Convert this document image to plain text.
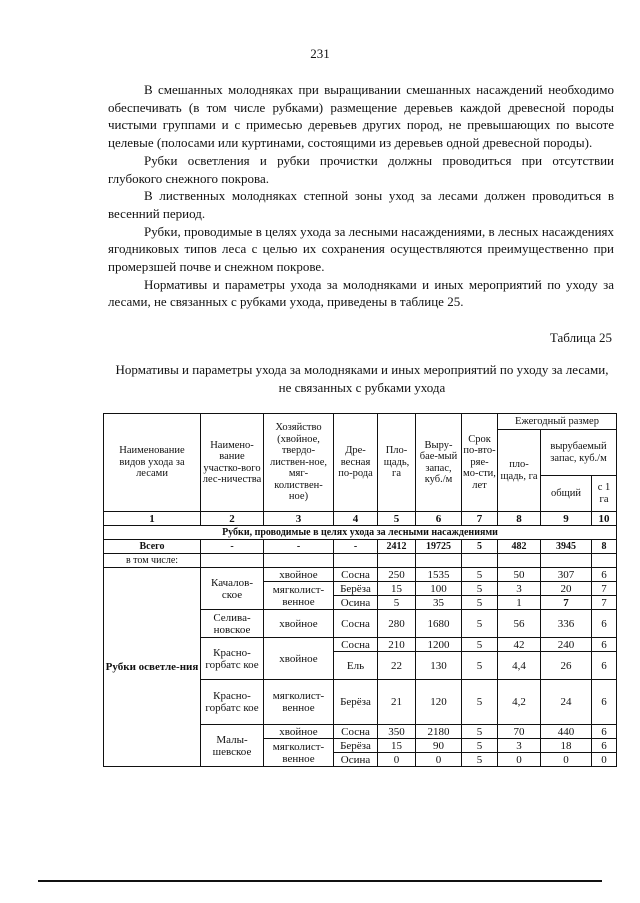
231

В смешанных молодняках при выращивании смешанных насаждений необходимо обеспечивать (в том числе рубками) размещение деревьев каждой древесной породы чистыми группами и с примесью деревьев других пород, не превышающих по высоте целевые (полосами или куртинами, состоящими из деревьев одной древесной породы).

Рубки осветления и рубки прочистки должны проводиться при отсутствии глубокого снежного покрова.

В лиственных молодняках степной зоны уход за лесами должен проводиться в весенний период.

Рубки, проводимые в целях ухода за лесными насаждениями, в лесных насаждениях ягодниковых типов леса с целью их сохранения осуществляются преимущественно при промерзшей почве и снежном покрове.

Нормативы и параметры ухода за молодняками и иных мероприятий по уходу за лесами, не связанных с рубками ухода, приведены в таблице 25.

Таблица 25
Нормативы и параметры ухода за молодняками и иных мероприятий по уходу за лесами, не связанных с рубками ухода
Наименование видов ухода за лесами	Наимено-вание участко-вого лес-ничества	Хозяйство (хвойное, твердо-листвен-ное, мяг-колиствен-ное)	Дре-весная по-рода	Пло-щадь, га	Выру-бае-мый запас, куб./м	Срок по-вто-ряе-мо-сти, лет	Ежегодный размер		
							пло-щадь, га	вырубаемый запас, куб./м	
								общий	с 1 га
1	2	3	4	5	6	7	8	9	10
Рубки, проводимые в целях ухода за лесными насаждениями									
Всего	-	-	-	2412	19725	5	482	3945	8
в том числе:									
Рубки осветле-ния	Качалов-ское	хвойное	Сосна	250	1535	5	50	307	6
		мягколист-венное	Берёза	15	100	5	3	20	7
			Осина	5	35	5	1	7	7
	Селива-новское	хвойное	Сосна	280	1680	5	56	336	6
	Красно-горбатс кое	хвойное	Сосна	210	1200	5	42	240	6
			Ель	22	130	5	4,4	26	6
	Красно-горбатс кое	мягколист-венное	Берёза	21	120	5	4,2	24	6
	Малы-шевское	хвойное	Сосна	350	2180	5	70	440	6
		мягколист-венное	Берёза	15	90	5	3	18	6
			Осина	0	0	5	0	0	0
